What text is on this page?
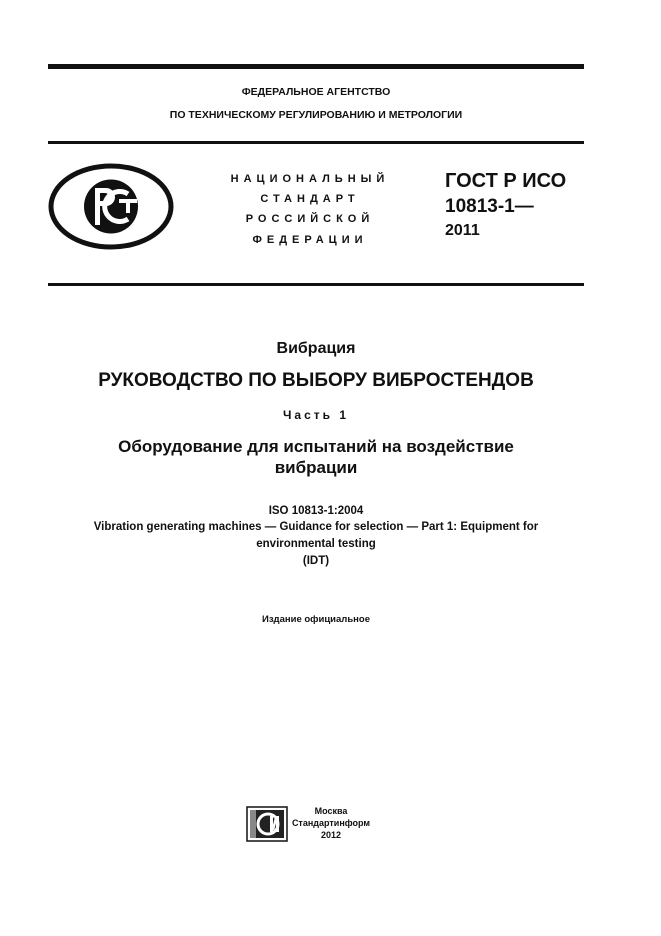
ФЕДЕРАЛЬНОЕ АГЕНТСТВО
ПО ТЕХНИЧЕСКОМУ РЕГУЛИРОВАНИЮ И МЕТРОЛОГИИ
НАЦИОНАЛЬНЫЙ
СТАНДАРТ
РОССИЙСКОЙ
ФЕДЕРАЦИИ
ГОСТ Р ИСО
10813-1—
2011
Вибрация
РУКОВОДСТВО ПО ВЫБОРУ ВИБРОСТЕНДОВ
Часть 1
Оборудование для испытаний на воздействие
вибрации
ISO 10813-1:2004
Vibration generating machines — Guidance for selection — Part 1: Equipment for
environmental testing
(IDT)
Издание официальное
Москва
Стандартинформ
2012
